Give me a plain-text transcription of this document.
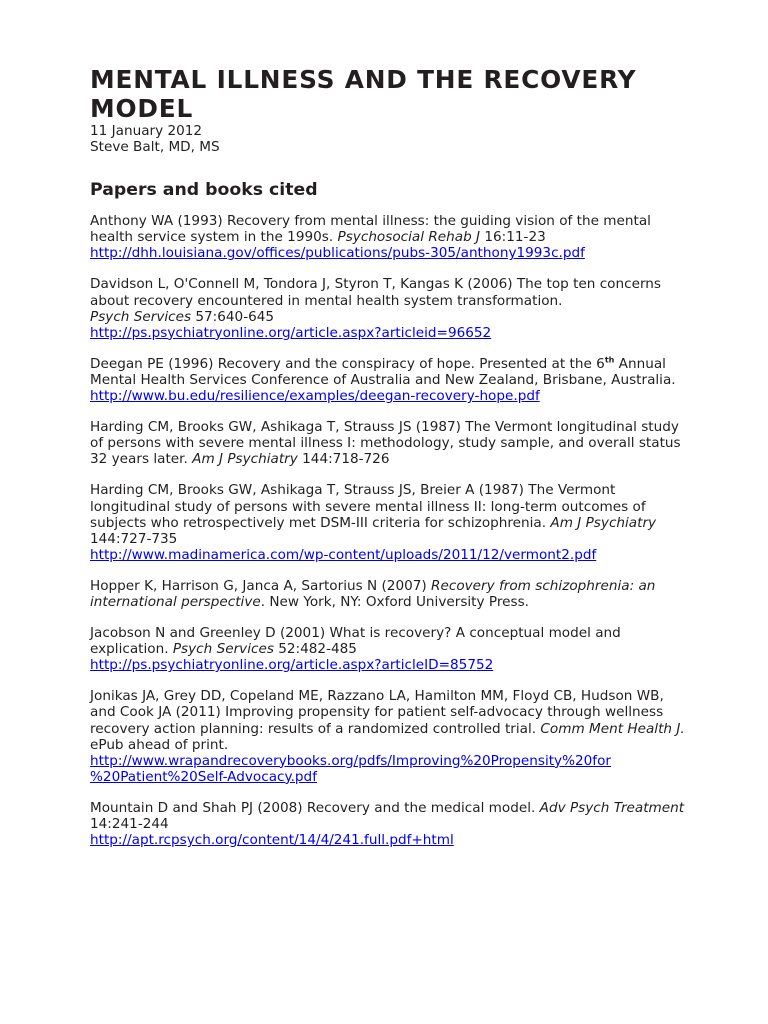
MENTAL ILLNESS AND THE RECOVERY MODEL

11 January 2012

Steve Balt, MD, MS

Papers and books cited

Anthony WA (1993) Recovery from mental illness: the guiding vision of the mental health service system in the 1990s. Psychosocial Rehab J 16:11-23

http://dhh.louisiana.gov/offices/publications/pubs-305/anthony1993c.pdf

Davidson L, O'Connell M, Tondora J, Styron T, Kangas K (2006) The top ten concerns about recovery encountered in mental health system transformation.
Psych Services 57:640-645

http://ps.psychiatryonline.org/article.aspx?articleid=96652

Deegan PE (1996) Recovery and the conspiracy of hope. Presented at the 6th Annual Mental Health Services Conference of Australia and New Zealand, Brisbane, Australia.

http://www.bu.edu/resilience/examples/deegan-recovery-hope.pdf

Harding CM, Brooks GW, Ashikaga T, Strauss JS (1987) The Vermont longitudinal study of persons with severe mental illness I: methodology, study sample, and overall status 32 years later. Am J Psychiatry 144:718-726

Harding CM, Brooks GW, Ashikaga T, Strauss JS, Breier A (1987) The Vermont longitudinal study of persons with severe mental illness II: long-term outcomes of subjects who retrospectively met DSM-III criteria for schizophrenia. Am J Psychiatry
144:727-735

http://www.madinamerica.com/wp-content/uploads/2011/12/vermont2.pdf

Hopper K, Harrison G, Janca A, Sartorius N (2007) Recovery from schizophrenia: an international perspective. New York, NY: Oxford University Press.

Jacobson N and Greenley D (2001) What is recovery? A conceptual model and explication. Psych Services 52:482-485

http://ps.psychiatryonline.org/article.aspx?articleID=85752

Jonikas JA, Grey DD, Copeland ME, Razzano LA, Hamilton MM, Floyd CB, Hudson WB, and Cook JA (2011) Improving propensity for patient self-advocacy through wellness recovery action planning: results of a randomized controlled trial. Comm Ment Health J. ePub ahead of print.

http://www.wrapandrecoverybooks.org/pdfs/Improving%20Propensity%20for
%20Patient%20Self-Advocacy.pdf

Mountain D and Shah PJ (2008) Recovery and the medical model. Adv Psych Treatment 14:241-244

http://apt.rcpsych.org/content/14/4/241.full.pdf+html
